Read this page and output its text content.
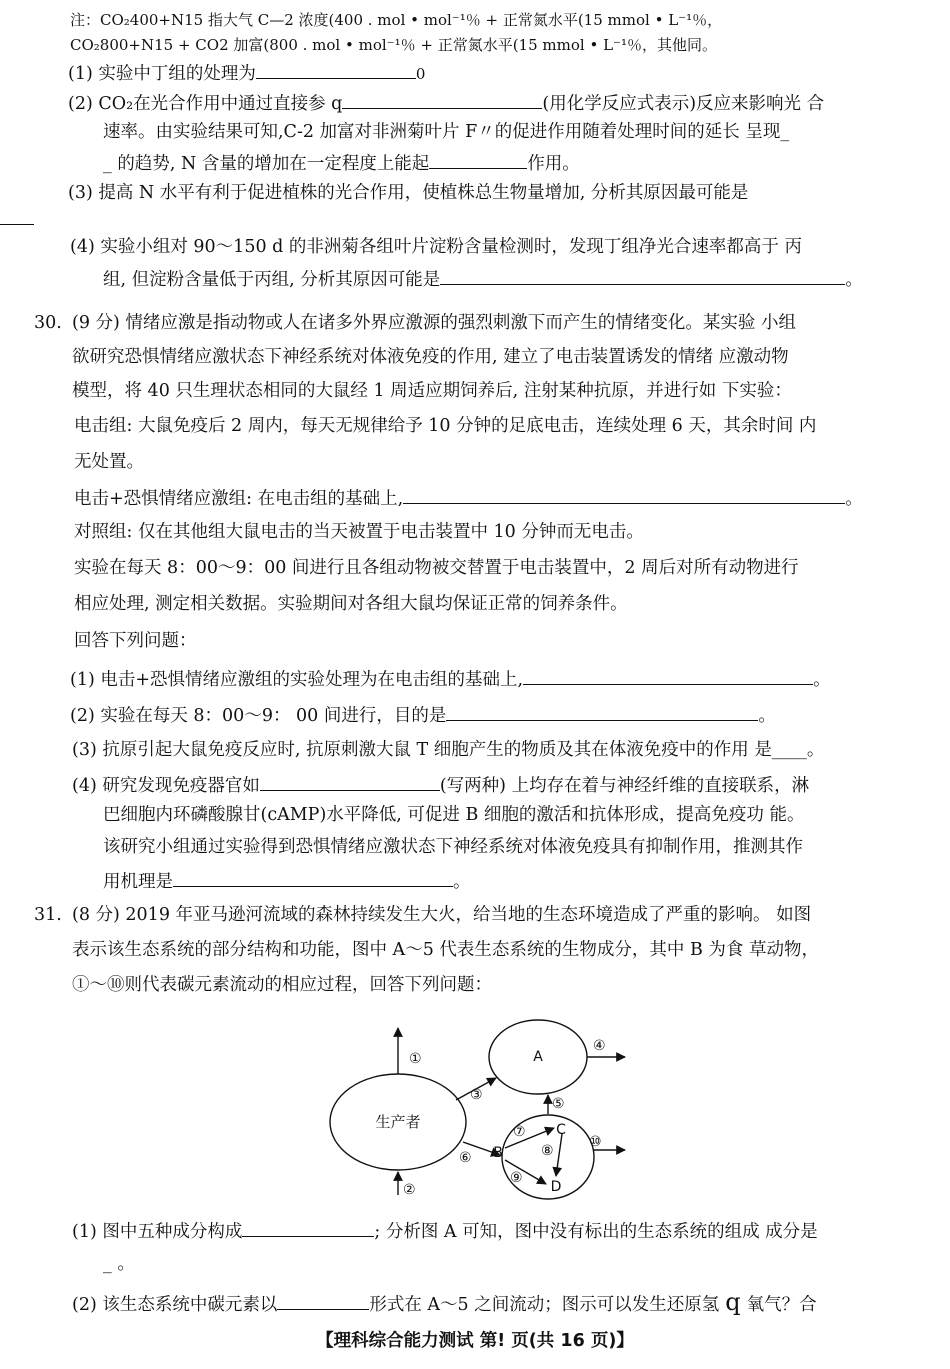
注：CO₂400+N15 指大气 C—2 浓度(400 . mol • mol⁻¹％ + 正常氮水平(15 mmol • L⁻¹％，
CO₂800+N15 + CO2 加富(800 . mol • mol⁻¹％ + 正常氮水平(15 mmol • L⁻¹％，其他同。
(1) 实验中丁组的处理为	0
(2) CO₂在光合作用中通过直接参 q	(用化学反应式表示)反应来影响光 合
速率。由实验结果可知,C-2 加富对非洲菊叶片 F〃的促进作用随着处理时间的延长 呈现_
_ 的趋势, N 含量的增加在一定程度上能起	作用。
(3) 提高 N 水平有利于促进植株的光合作用，使植株总生物量增加, 分析其原因最可能是
(4) 实验小组对 90〜150 d 的非洲菊各组叶片淀粉含量检测时，发现丁组净光合速率都高于 丙
组, 但淀粉含量低于丙组, 分析其原因可能是	。
30. (9 分) 情绪应激是指动物或人在诸多外界应激源的强烈刺激下而产生的情绪变化。某实验 小组
欲研究恐惧情绪应激状态下神经系统对体液免疫的作用, 建立了电击装置诱发的情绪 应激动物
模型，将 40 只生理状态相同的大鼠经 1 周适应期饲养后, 注射某种抗原，并进行如 下实验：
电击组: 大鼠免疫后 2 周内，每天无规律给予 10 分钟的足底电击，连续处理 6 天，其余时间 内
无处置。
电击+恐惧情绪应激组: 在电击组的基础上,	。
对照组: 仅在其他组大鼠电击的当天被置于电击装置中 10 分钟而无电击。
实验在每天 8：00〜9：00 间进行且各组动物被交替置于电击装置中，2 周后对所有动物进行
相应处理, 测定相关数据。实验期间对各组大鼠均保证正常的饲养条件。
回答下列问题：
(1) 电击+恐惧情绪应激组的实验处理为在电击组的基础上,	。
(2) 实验在每天 8：00〜9： 00 间进行，目的是	。
(3) 抗原引起大鼠免疫反应时, 抗原刺激大鼠 T 细胞产生的物质及其在体液免疫中的作用 是____。
(4) 研究发现免疫器官如	(写两种) 上均存在着与神经纤维的直接联系，淋
巴细胞内环磷酸腺甘(cAMP)水平降低, 可促进 B 细胞的激活和抗体形成，提高免疫功 能。
该研究小组通过实验得到恐惧情绪应激状态下神经系统对体液免疫具有抑制作用，推测其作
用机理是	。
31. (8 分) 2019 年亚马逊河流域的森林持续发生大火，给当地的生态环境造成了严重的影响。 如图
表示该生态系统的部分结构和功能，图中 A〜5 代表生态系统的生物成分，其中 B 为食 草动物，
①〜⑩则代表碳元素流动的相应过程，回答下列问题：
生产者
A
B
C
D
①
②
③
④
⑤
⑥
⑦
⑧
⑨
⑩
(1) 图中五种成分构成	; 分析图 A 可知，图中没有标出的生态系统的组成 成分是
_ 。
(2) 该生态系统中碳元素以	形式在 A〜5 之间流动；图示可以发生还原氢 q 氧气？合
【理科综合能力测试 第! 页(共 16 页)】
